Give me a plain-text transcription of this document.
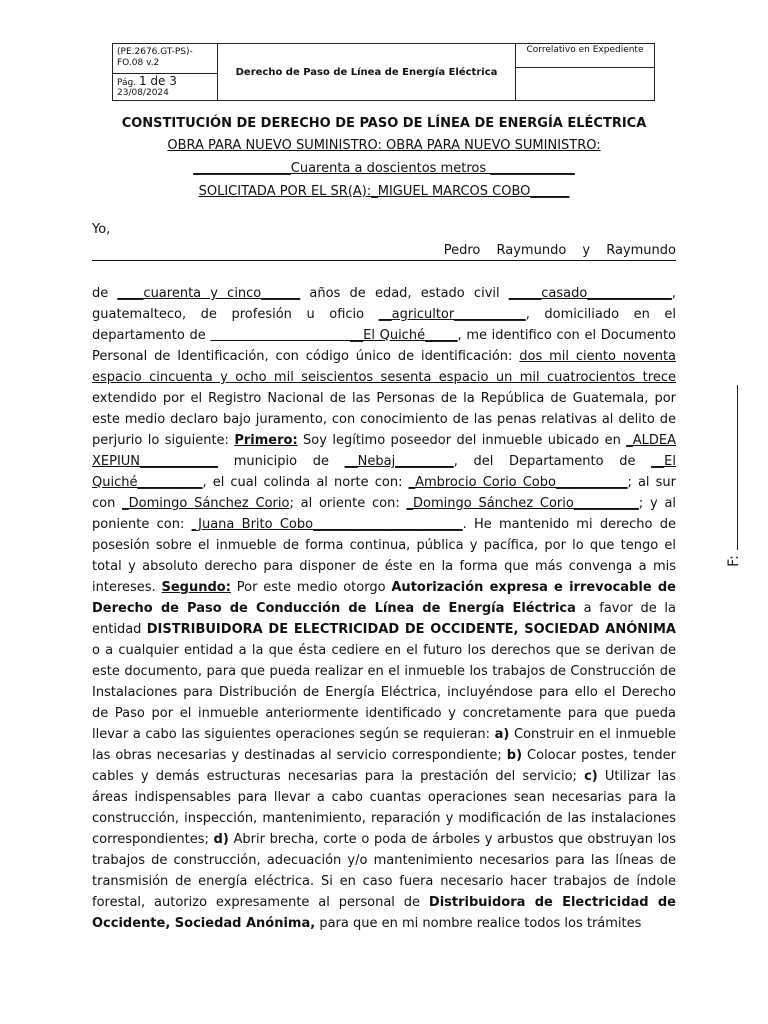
(PE.2676.GT-PS)-FO.08 v.2
Pág. 1 de 3
23/08/2024
Derecho de Paso de Línea de Energía Eléctrica
Correlativo en Expediente
CONSTITUCIÓN DE DERECHO DE PASO DE LÍNEA DE ENERGÍA ELÉCTRICA
OBRA PARA NUEVO SUMINISTRO: OBRA PARA NUEVO SUMINISTRO:
_______________Cuarenta a doscientos metros _____________
SOLICITADA POR EL SR(A):_MIGUEL MARCOS COBO______

Yo,

Pedro Raymundo y Raymundo

de ____cuarenta y cinco______ años de edad, estado civil _____casado_____________, guatemalteco, de profesión u oficio __agricultor___________, domiciliado en el departamento de                               __El Quiché_____, me identifico con el Documento Personal de Identificación, con código único de identificación: dos mil ciento noventa espacio cincuenta y ocho mil seiscientos sesenta espacio un mil cuatrocientos trece extendido por el Registro Nacional de las Personas de la República de Guatemala, por este medio declaro bajo juramento, con conocimiento de las penas relativas al delito de perjurio lo siguiente: Primero: Soy legítimo poseedor del inmueble ubicado en _ALDEA XEPIUN____________ municipio de __Nebaj_________, del Departamento de __El Quiché__________, el cual colinda al norte con: _Ambrocio Corio Cobo___________; al sur con _Domingo Sánchez Corio; al oriente con: _Domingo Sánchez Corio__________; y al poniente con: _Juana Brito Cobo_______________________. He mantenido mi derecho de posesión sobre el inmueble de forma continua, pública y pacífica, por lo que tengo el total y absoluto derecho para disponer de éste en la forma que más convenga a mis intereses. Segundo: Por este medio otorgo Autorización expresa e irrevocable de Derecho de Paso de Conducción de Línea de Energía Eléctrica a favor de la entidad DISTRIBUIDORA DE ELECTRICIDAD DE OCCIDENTE, SOCIEDAD ANÓNIMA o a cualquier entidad a la que ésta cediere en el futuro los derechos que se derivan de este documento, para que pueda realizar en el inmueble los trabajos de Construcción de Instalaciones para Distribución de Energía Eléctrica, incluyéndose para ello el Derecho de Paso por el inmueble anteriormente identificado y concretamente para que pueda llevar a cabo las siguientes operaciones según se requieran: a) Construir en el inmueble las obras necesarias y destinadas al servicio correspondiente; b) Colocar postes, tender cables y demás estructuras necesarias para la prestación del servicio; c) Utilizar las áreas indispensables para llevar a cabo cuantas operaciones sean necesarias para la construcción, inspección, mantenimiento, reparación y modificación de las instalaciones correspondientes; d) Abrir brecha, corte o poda de árboles y arbustos que obstruyan los trabajos de construcción, adecuación y/o mantenimiento necesarios para las líneas de transmisión de energía eléctrica. Si en caso fuera necesario hacer trabajos de índole forestal, autorizo expresamente al personal de Distribuidora de Electricidad de Occidente, Sociedad Anónima, para que en mi nombre realice todos los trámites

F:
